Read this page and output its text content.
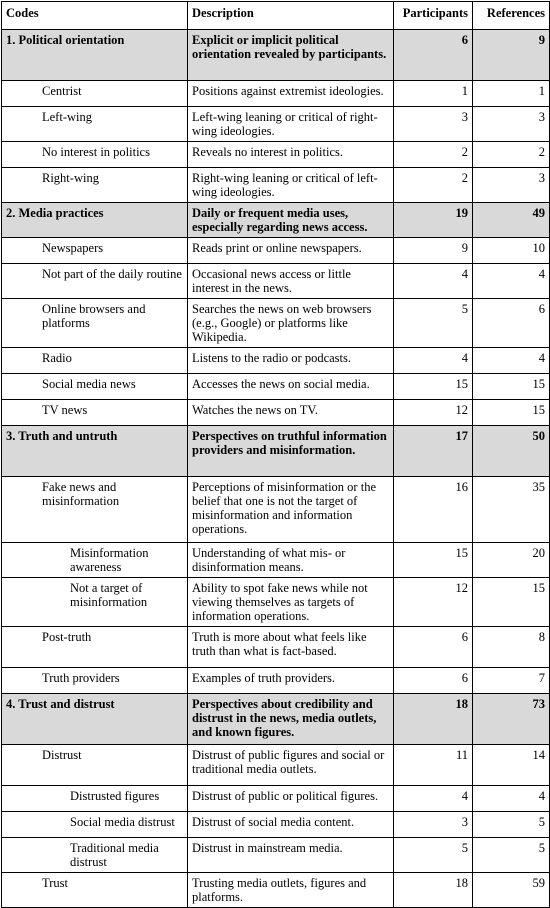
Codes	Description	Participants	References
1. Political orientation	Explicit or implicit political orientation revealed by participants.	6	9
Centrist	Positions against extremist ideologies.	1	1
Left-wing	Left-wing leaning or critical of right-wing ideologies.	3	3
No interest in politics	Reveals no interest in politics.	2	2
Right-wing	Right-wing leaning or critical of left-wing ideologies.	2	3
2. Media practices	Daily or frequent media uses, especially regarding news access.	19	49
Newspapers	Reads print or online newspapers.	9	10
Not part of the daily routine	Occasional news access or little interest in the news.	4	4
Online browsers and platforms	Searches the news on web browsers (e.g., Google) or platforms like Wikipedia.	5	6
Radio	Listens to the radio or podcasts.	4	4
Social media news	Accesses the news on social media.	15	15
TV news	Watches the news on TV.	12	15
3. Truth and untruth	Perspectives on truthful information providers and misinformation.	17	50
Fake news and misinformation	Perceptions of misinformation or the belief that one is not the target of misinformation and information operations.	16	35
Misinformation awareness	Understanding of what mis- or disinformation means.	15	20
Not a target of misinformation	Ability to spot fake news while not viewing themselves as targets of information operations.	12	15
Post-truth	Truth is more about what feels like truth than what is fact-based.	6	8
Truth providers	Examples of truth providers.	6	7
4. Trust and distrust	Perspectives about credibility and distrust in the news, media outlets, and known figures.	18	73
Distrust	Distrust of public figures and social or traditional media outlets.	11	14
Distrusted figures	Distrust of public or political figures.	4	4
Social media distrust	Distrust of social media content.	3	5
Traditional media distrust	Distrust in mainstream media.	5	5
Trust	Trusting media outlets, figures and platforms.	18	59
